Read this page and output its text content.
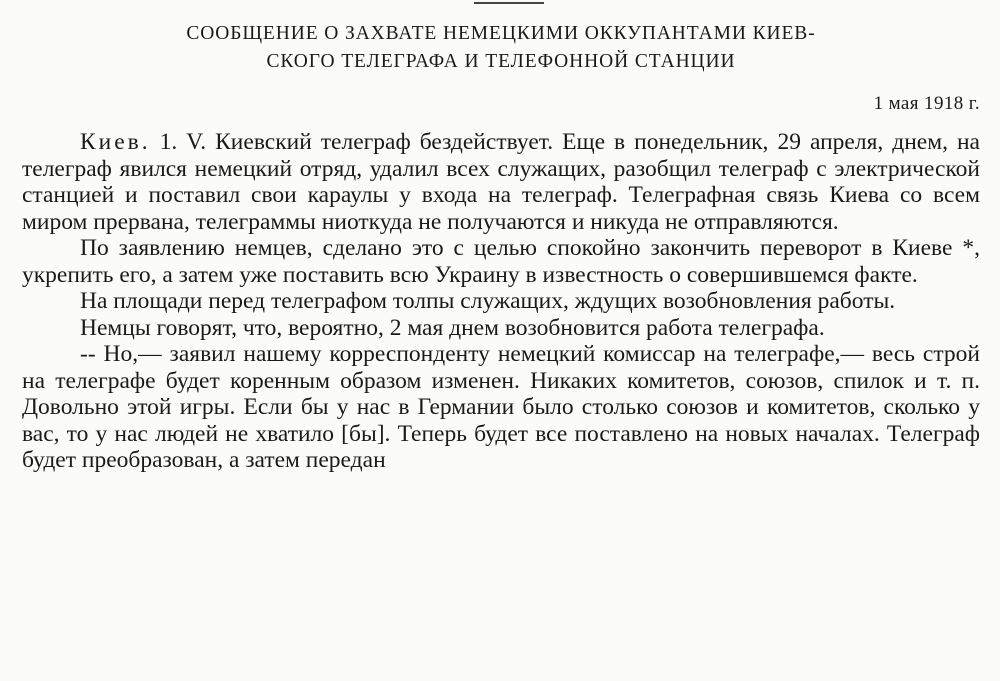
СООБЩЕНИЕ О ЗАХВАТЕ НЕМЕЦКИМИ ОККУПАНТАМИ КИЕВ-
СКОГО ТЕЛЕГРАФА И ТЕЛЕФОННОЙ СТАНЦИИ
1 мая 1918 г.

Киев. 1. V. Киевский телеграф бездействует. Еще в понедельник, 29 апреля, днем, на телеграф явился немецкий отряд, удалил всех служащих, разобщил телеграф с электрической станцией и поставил свои караулы у входа на телеграф. Телеграфная связь Киева со всем миром прервана, телеграммы ниоткуда не получаются и никуда не отправляются.

По заявлению немцев, сделано это с целью спокойно закончить переворот в Киеве *, укрепить его, а затем уже поставить всю Украину в известность о совершившемся факте.

На площади перед телеграфом толпы служащих, ждущих возобновления работы.

Немцы говорят, что, вероятно, 2 мая днем возобновится работа телеграфа.

-- Но,— заявил нашему корреспонденту немецкий комиссар на телеграфе,— весь строй на телеграфе будет коренным образом изменен. Никаких комитетов, союзов, спилок и т. п. Довольно этой игры. Если бы у нас в Германии было столько союзов и комитетов, сколько у вас, то у нас людей не хватило [бы]. Теперь будет все поставлено на новых началах. Телеграф будет преобразован, а затем передан
